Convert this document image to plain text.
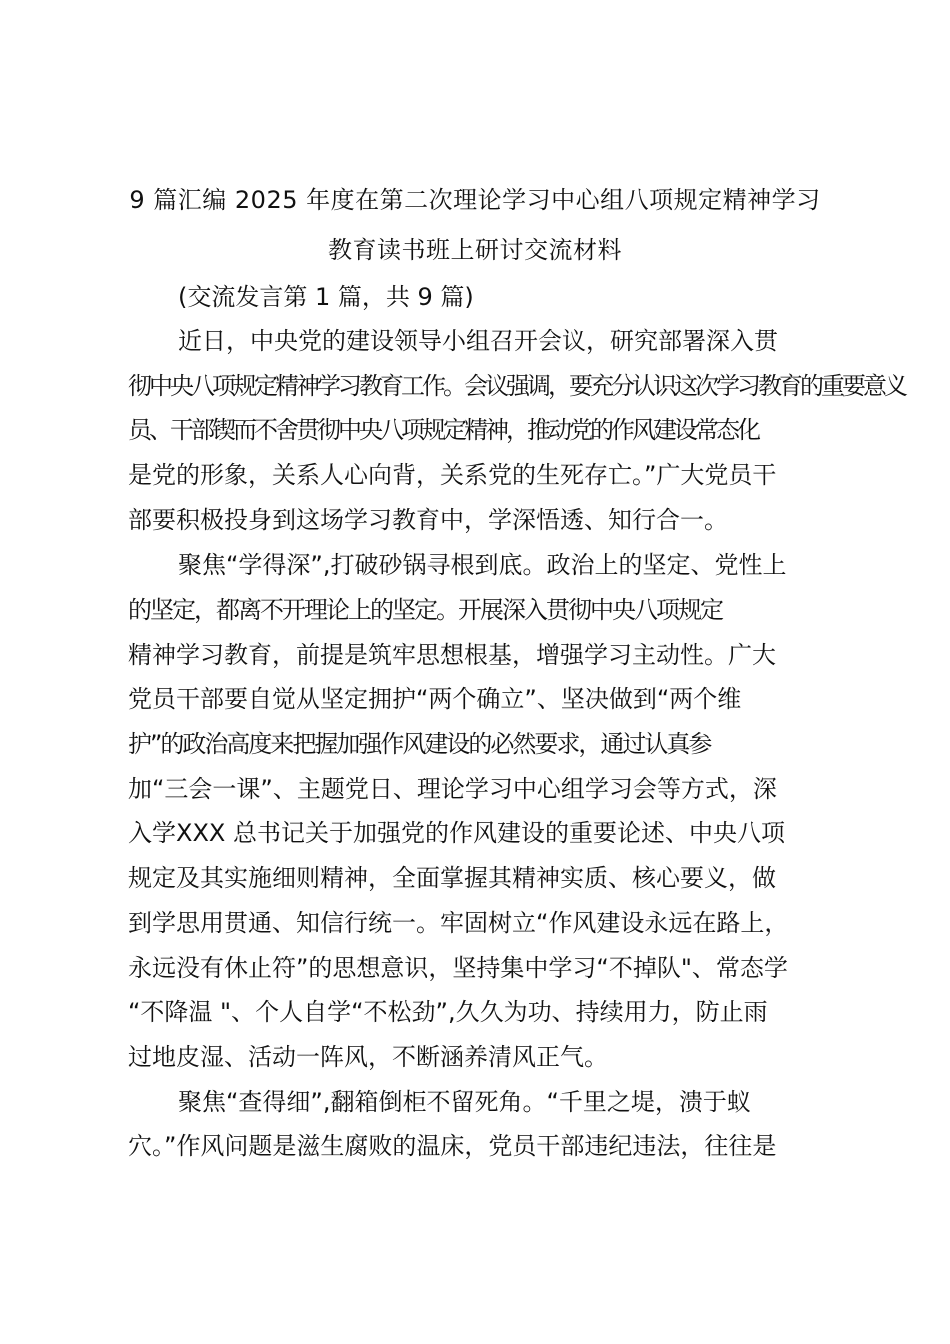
9 篇汇编 2025 年度在第二次理论学习中心组八项规定精神学习
教育读书班上研讨交流材料
(交流发言第 1 篇，共 9 篇)
近日，中央党的建设领导小组召开会议，研究部署深入贯
彻中央八项规定精神学习教育工作。会议强调，要充分认识这次学习教育的重要意义
员、干部锲而不舍贯彻中央八项规定精神，推动党的作风建设常态化
是党的形象，关系人心向背，关系党的生死存亡。”广大党员干
部要积极投身到这场学习教育中，学深悟透、知行合一。
聚焦“学得深”,打破砂锅寻根到底。政治上的坚定、党性上
的坚定，都离不开理论上的坚定。开展深入贯彻中央八项规定
精神学习教育，前提是筑牢思想根基，增强学习主动性。广大
党员干部要自觉从坚定拥护“两个确立”、坚决做到“两个维
护”的政治高度来把握加强作风建设的必然要求，通过认真参
加“三会一课”、主题党日、理论学习中心组学习会等方式，深
入学XXX 总书记关于加强党的作风建设的重要论述、中央八项
规定及其实施细则精神，全面掌握其精神实质、核心要义，做
到学思用贯通、知信行统一。牢固树立“作风建设永远在路上，
永远没有休止符”的思想意识，坚持集中学习“不掉队"、常态学
“不降温 "、个人自学“不松劲”,久久为功、持续用力，防止雨
过地皮湿、活动一阵风，不断涵养清风正气。
聚焦“查得细”,翻箱倒柜不留死角。“千里之堤，溃于蚁
穴。”作风问题是滋生腐败的温床，党员干部违纪违法，往往是
